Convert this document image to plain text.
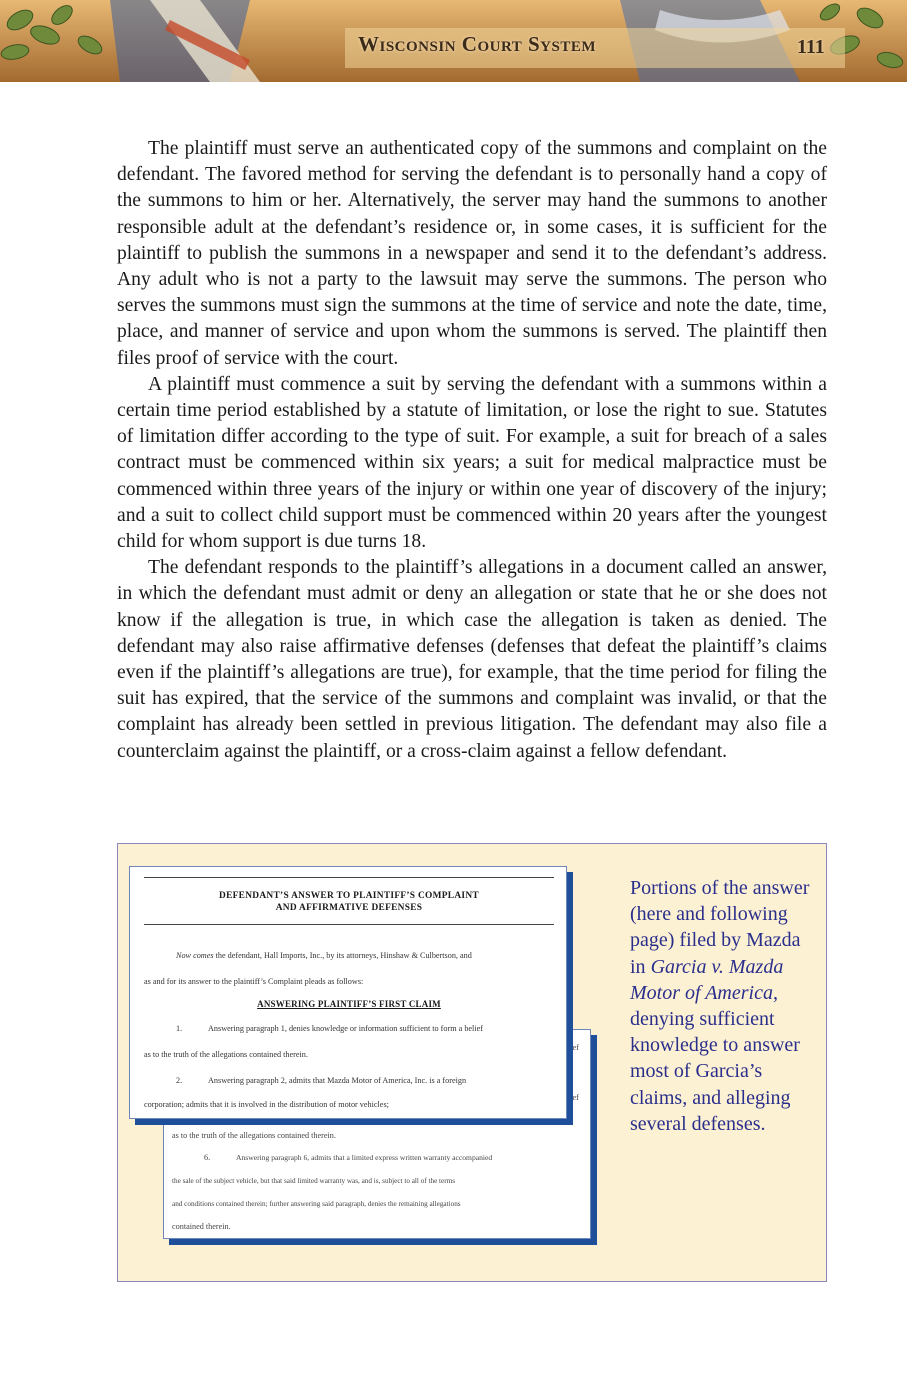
Wisconsin Court System	111

The plaintiff must serve an authenticated copy of the summons and complaint on the defendant. The favored method for serving the defendant is to personally hand a copy of the summons to him or her. Alternatively, the server may hand the summons to another responsible adult at the defendant’s residence or, in some cases, it is sufficient for the plaintiff to publish the summons in a newspaper and send it to the defendant’s address. Any adult who is not a party to the lawsuit may serve the summons. The person who serves the summons must sign the summons at the time of service and note the date, time, place, and manner of service and upon whom the summons is served. The plaintiff then files proof of service with the court.

A plaintiff must commence a suit by serving the defendant with a summons within a certain time period established by a statute of limitation, or lose the right to sue. Statutes of limitation differ according to the type of suit. For example, a suit for breach of a sales contract must be commenced within six years; a suit for medical malpractice must be commenced within three years of the injury or within one year of discovery of the injury; and a suit to collect child support must be commenced within 20 years after the youngest child for whom support is due turns 18.

The defendant responds to the plaintiff’s allegations in a document called an answer, in which the defendant must admit or deny an allegation or state that he or she does not know if the allegation is true, in which case the allegation is taken as denied. The defendant may also raise affirmative defenses (defenses that defeat the plaintiff’s claims even if the plaintiff’s allegations are true), for example, that the time period for filing the suit has expired, that the service of the summons and complaint was invalid, or that the complaint has already been settled in previous litigation. The defendant may also file a counterclaim against the plaintiff, or a cross-claim against a fellow defendant.

lief
lief
as to the truth of the allegations contained therein.
6.	Answering paragraph 6, admits that a limited express written warranty accompanied
the sale of the subject vehicle, but that said limited warranty was, and is, subject to all of the terms
and conditions contained therein; further answering said paragraph, denies the remaining allegations
contained therein.
DEFENDANT’S ANSWER TO PLAINTIFF’S COMPLAINT
AND AFFIRMATIVE DEFENSES
Now comes the defendant, Hall Imports, Inc., by its attorneys, Hinshaw & Culbertson, and
as and for its answer to the plaintiff’s Complaint pleads as follows:
ANSWERING PLAINTIFF’S FIRST CLAIM
1.	Answering paragraph 1, denies knowledge or information sufficient to form a belief
as to the truth of the allegations contained therein.
2.	Answering paragraph 2, admits that Mazda Motor of America, Inc. is a foreign
corporation; admits that it is involved in the distribution of motor vehicles;
Portions of the answer (here and following page) filed by Mazda in Garcia v. Mazda Motor of America, denying sufficient knowledge to answer most of Garcia’s claims, and alleging several defenses.
